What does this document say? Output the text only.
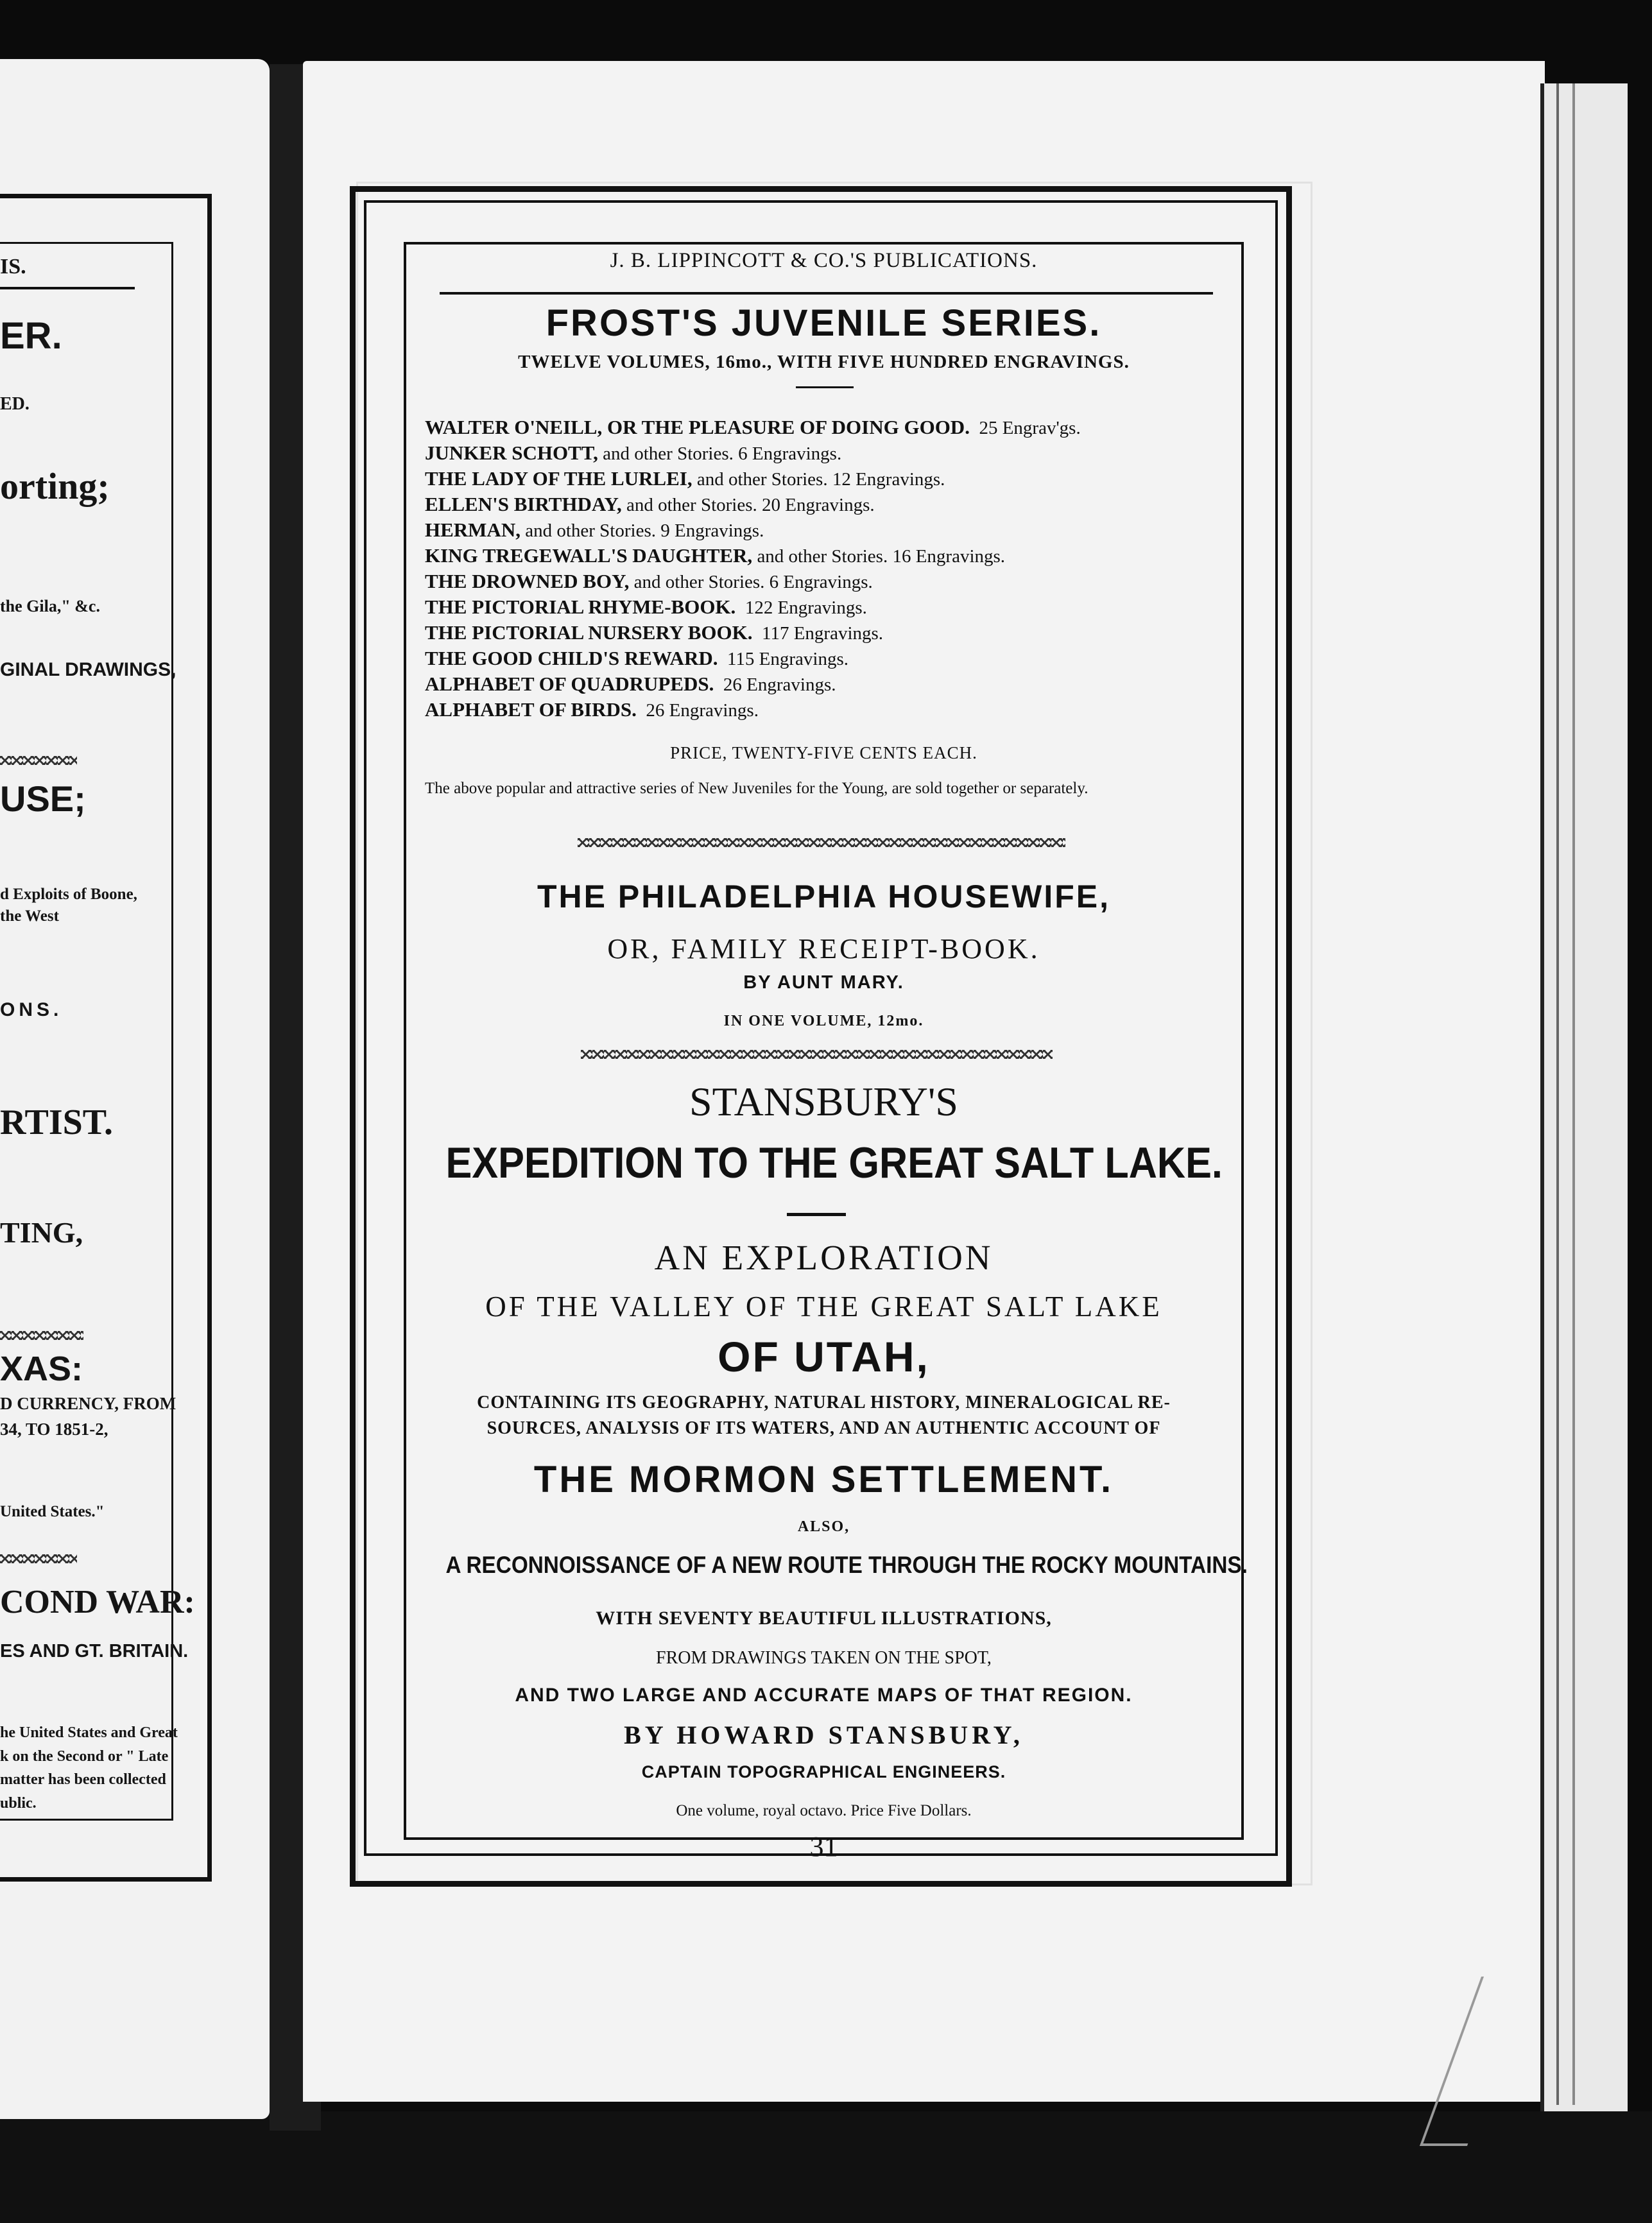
IS.
ER.
ED.
orting;
the Gila," &c.
GINAL DRAWINGS,
USE;
d Exploits of Boone,
the West
ONS.
RTIST.
TING,
XAS:
D CURRENCY, FROM
34, TO 1851-2,
United States."
COND WAR:
ES AND GT. BRITAIN.
he United States and Great
k on the Second or " Late
matter has been collected
ublic.
J. B. LIPPINCOTT & CO.'S PUBLICATIONS.
FROST'S JUVENILE SERIES.
TWELVE VOLUMES, 16mo., WITH FIVE HUNDRED ENGRAVINGS.
WALTER O'NEILL, OR THE PLEASURE OF DOING GOOD. 25 Engrav'gs.
JUNKER SCHOTT, and other Stories. 6 Engravings.
THE LADY OF THE LURLEI, and other Stories. 12 Engravings.
ELLEN'S BIRTHDAY, and other Stories. 20 Engravings.
HERMAN, and other Stories. 9 Engravings.
KING TREGEWALL'S DAUGHTER, and other Stories. 16 Engravings.
THE DROWNED BOY, and other Stories. 6 Engravings.
THE PICTORIAL RHYME-BOOK. 122 Engravings.
THE PICTORIAL NURSERY BOOK. 117 Engravings.
THE GOOD CHILD'S REWARD. 115 Engravings.
ALPHABET OF QUADRUPEDS. 26 Engravings.
ALPHABET OF BIRDS. 26 Engravings.
PRICE, TWENTY-FIVE CENTS EACH.
The above popular and attractive series of New Juveniles for the Young, are sold together or separately.
THE PHILADELPHIA HOUSEWIFE,
OR, FAMILY RECEIPT-BOOK.
BY AUNT MARY.
IN ONE VOLUME, 12mo.
STANSBURY'S
EXPEDITION TO THE GREAT SALT LAKE.
AN EXPLORATION
OF THE VALLEY OF THE GREAT SALT LAKE
OF UTAH,
CONTAINING ITS GEOGRAPHY, NATURAL HISTORY, MINERALOGICAL RE-
SOURCES, ANALYSIS OF ITS WATERS, AND AN AUTHENTIC ACCOUNT OF
THE MORMON SETTLEMENT.
ALSO,
A RECONNOISSANCE OF A NEW ROUTE THROUGH THE ROCKY MOUNTAINS.
WITH SEVENTY BEAUTIFUL ILLUSTRATIONS,
FROM DRAWINGS TAKEN ON THE SPOT,
AND TWO LARGE AND ACCURATE MAPS OF THAT REGION.
BY HOWARD STANSBURY,
CAPTAIN TOPOGRAPHICAL ENGINEERS.
One volume, royal octavo. Price Five Dollars.
31
